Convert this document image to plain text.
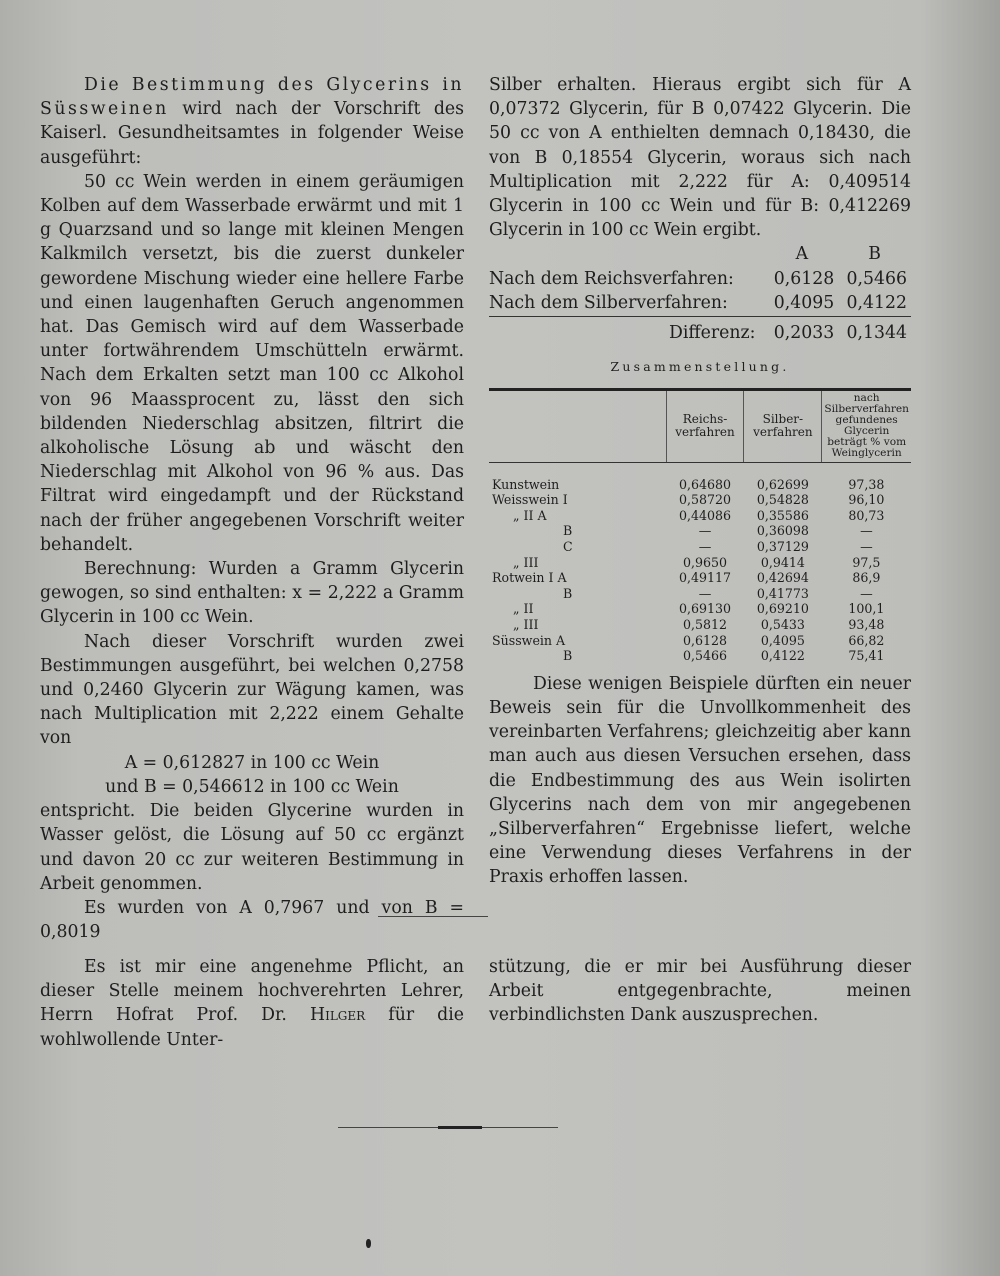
Die Bestimmung des Glycerins in Süssweinen wird nach der Vorschrift des Kaiserl. Gesundheitsamtes in folgender Weise ausgeführt:

50 cc Wein werden in einem geräumigen Kolben auf dem Wasserbade erwärmt und mit 1 g Quarzsand und so lange mit kleinen Mengen Kalkmilch versetzt, bis die zuerst dunkeler gewordene Mischung wieder eine hellere Farbe und einen laugenhaften Geruch angenommen hat. Das Gemisch wird auf dem Wasserbade unter fortwährendem Umschütteln erwärmt. Nach dem Erkalten setzt man 100 cc Alkohol von 96 Maassprocent zu, lässt den sich bildenden Niederschlag absitzen, filtrirt die alkoholische Lösung ab und wäscht den Niederschlag mit Alkohol von 96 % aus. Das Filtrat wird eingedampft und der Rückstand nach der früher angegebenen Vorschrift weiter behandelt.

Berechnung: Wurden a Gramm Glycerin gewogen, so sind enthalten: x = 2,222 a Gramm Glycerin in 100 cc Wein.

Nach dieser Vorschrift wurden zwei Bestimmungen ausgeführt, bei welchen 0,2758 und 0,2460 Glycerin zur Wägung kamen, was nach Multiplication mit 2,222 einem Gehalte von

A = 0,612827 in 100 cc Wein

und B = 0,546612 in 100 cc Wein

entspricht. Die beiden Glycerine wurden in Wasser gelöst, die Lösung auf 50 cc ergänzt und davon 20 cc zur weiteren Bestimmung in Arbeit genommen.

Es wurden von A 0,7967 und von B = 0,8019

Silber erhalten. Hieraus ergibt sich für A 0,07372 Glycerin, für B 0,07422 Glycerin. Die 50 cc von A enthielten demnach 0,18430, die von B 0,18554 Glycerin, woraus sich nach Multiplication mit 2,222 für A: 0,409514 Glycerin in 100 cc Wein und für B: 0,412269 Glycerin in 100 cc Wein ergibt.

	A	B
Nach dem Reichsverfahren:	0,6128	0,5466
Nach dem Silberverfahren:	0,4095	0,4122
Differenz:	0,2033	0,1344
Zusammenstellung.
	Reichs-verfahren	Silber-verfahren	nach Silberverfahren gefundenes Glycerin beträgt % vom Weinglycerin
Kunstwein	0,64680	0,62699	97,38
Weisswein I	0,58720	0,54828	96,10
„ II A	0,44086	0,35586	80,73
B	—	0,36098	—
C	—	0,37129	—
„ III	0,9650	0,9414	97,5
Rotwein I A	0,49117	0,42694	86,9
B	—	0,41773	—
„ II	0,69130	0,69210	100,1
„ III	0,5812	0,5433	93,48
Süsswein A	0,6128	0,4095	66,82
B	0,5466	0,4122	75,41

Diese wenigen Beispiele dürften ein neuer Beweis sein für die Unvollkommenheit des vereinbarten Verfahrens; gleichzeitig aber kann man auch aus diesen Versuchen ersehen, dass die Endbestimmung des aus Wein isolirten Glycerins nach dem von mir angegebenen „Silberverfahren“ Ergebnisse liefert, welche eine Verwendung dieses Verfahrens in der Praxis erhoffen lassen.

Es ist mir eine angenehme Pflicht, an dieser Stelle meinem hochverehrten Lehrer, Herrn Hofrat Prof. Dr. Hilger für die wohlwollende Unter-

stützung, die er mir bei Ausführung dieser Arbeit entgegenbrachte, meinen verbindlichsten Dank auszusprechen.
